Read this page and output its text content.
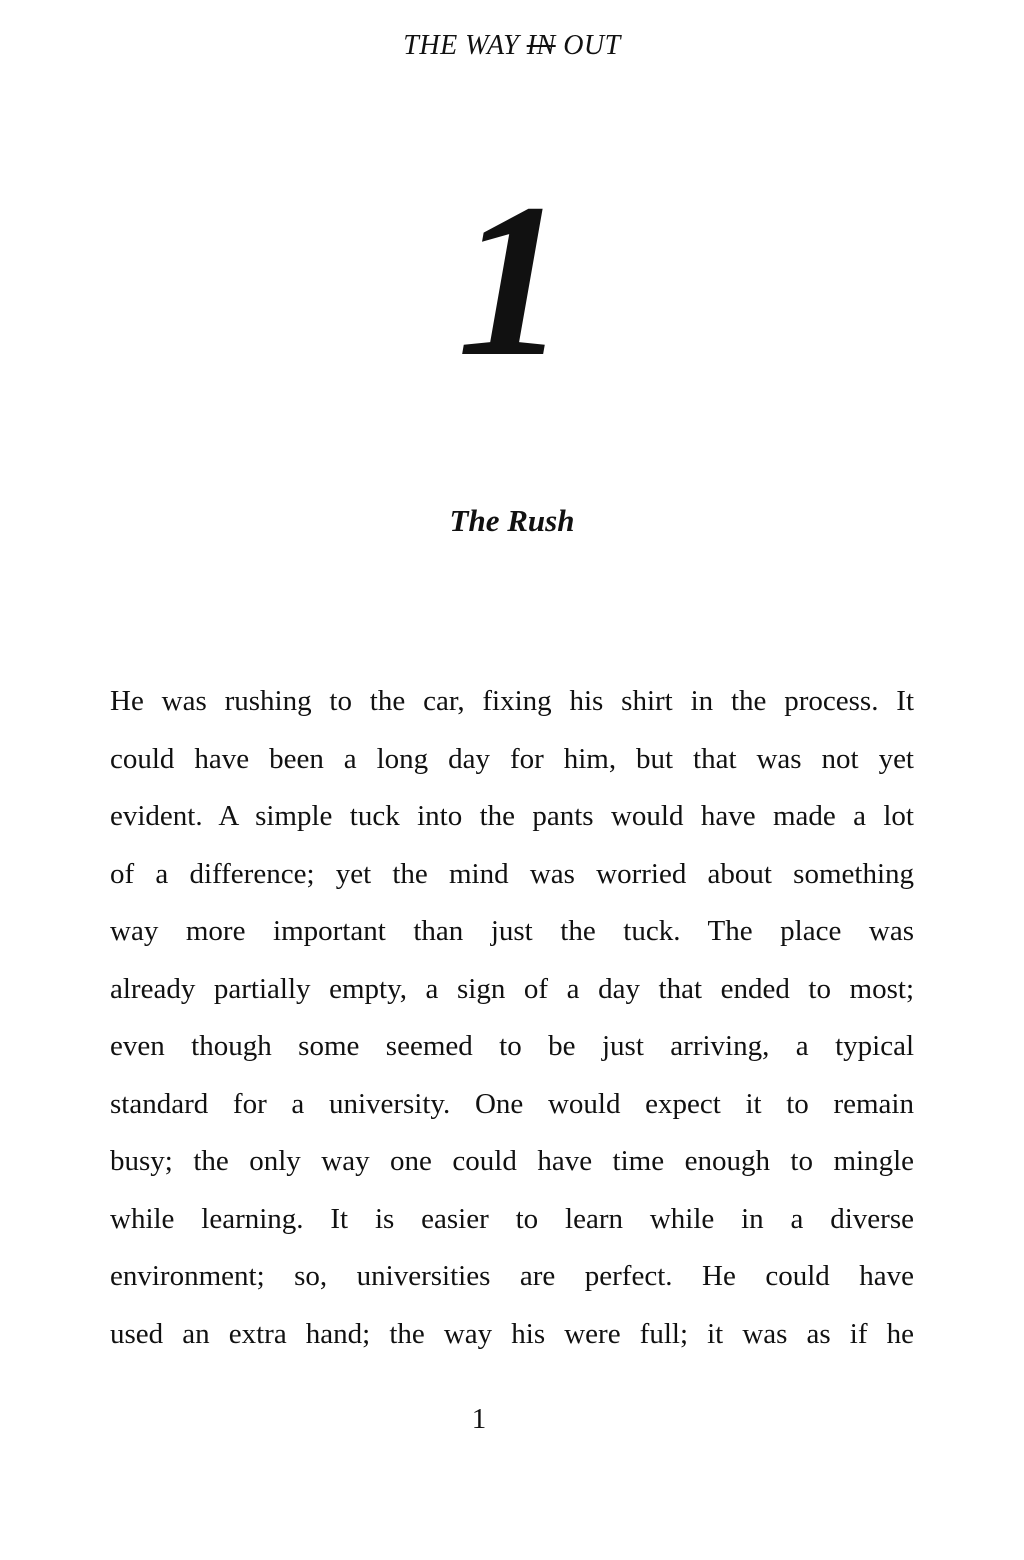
THE WAY IN OUT
1
The Rush
He was rushing to the car, fixing his shirt in the process. It
could have been a long day for him, but that was not yet
evident. A simple tuck into the pants would have made a lot
of a difference; yet the mind was worried about something
way more important than just the tuck. The place was
already partially empty, a sign of a day that ended to most;
even though some seemed to be just arriving, a typical
standard for a university. One would expect it to remain
busy; the only way one could have time enough to mingle
while learning. It is easier to learn while in a diverse
environment; so, universities are perfect. He could have
used an extra hand; the way his were full; it was as if he
1
